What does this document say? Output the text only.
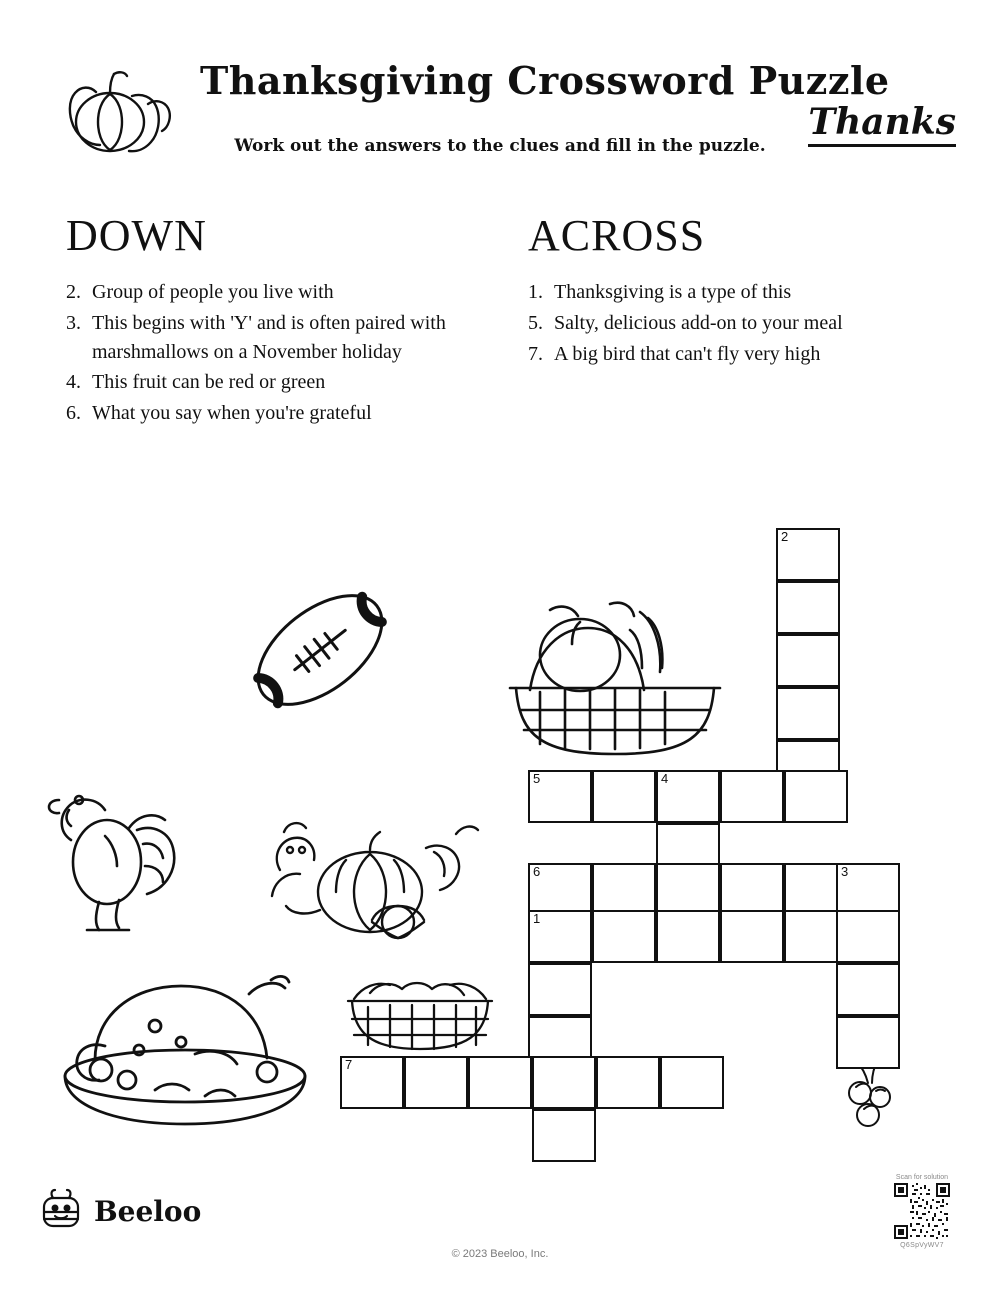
Thanksgiving Crossword Puzzle
Work out the answers to the clues and fill in the puzzle.
Thanks
DOWN
2. Group of people you live with
3. This begins with 'Y' and is often paired with marshmallows on a November holiday
4. This fruit can be red or green
6. What you say when you're grateful
ACROSS
1. Thanksgiving is a type of this
5. Salty, delicious add-on to your meal
7. A big bird that can't fly very high
2
5	4
6	3
1
7
Beeloo
© 2023 Beeloo, Inc.
Scan for solution
Q6SpVyWV7
